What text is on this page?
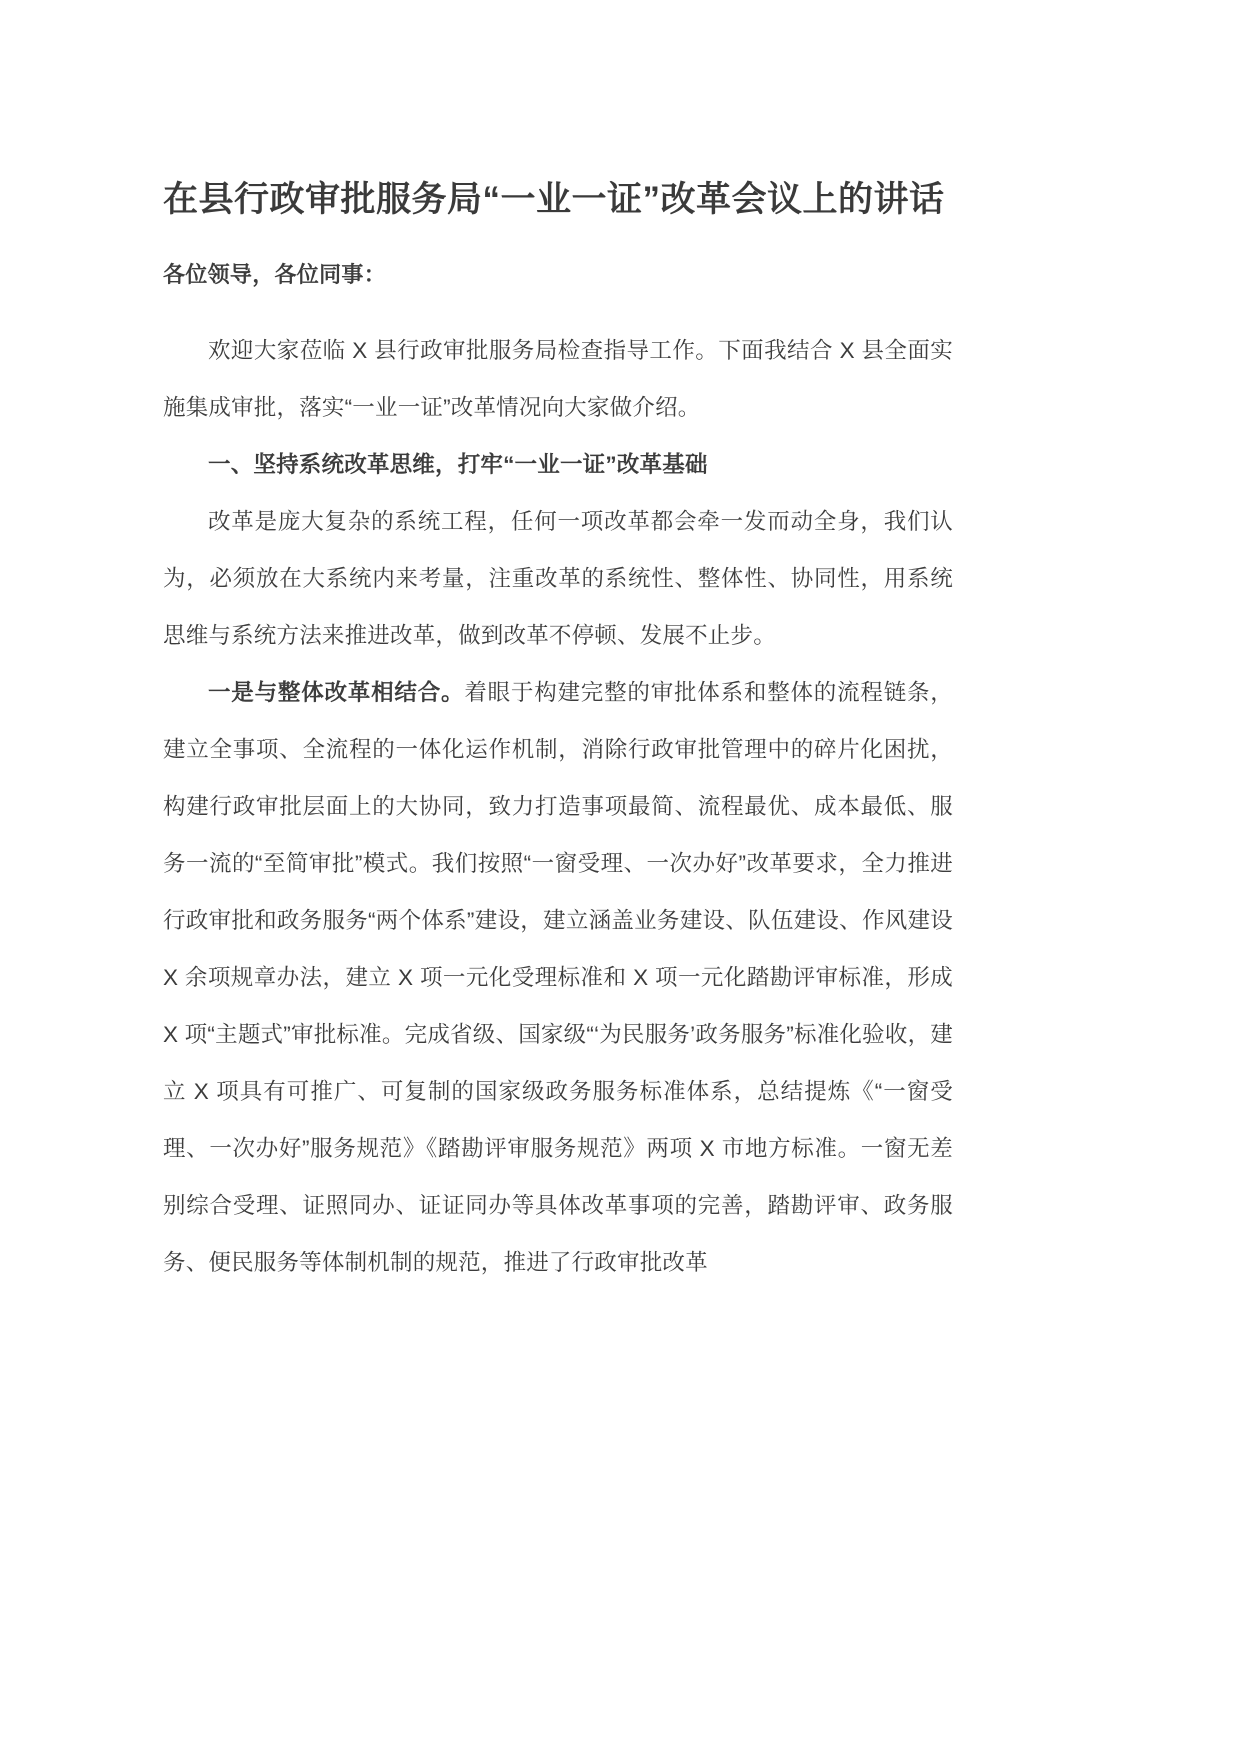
在县行政审批服务局“一业一证”改革会议上的讲话
各位领导，各位同事：

欢迎大家莅临 X 县行政审批服务局检查指导工作。下面我结合 X 县全面实施集成审批，落实“一业一证”改革情况向大家做介绍。

一、坚持系统改革思维，打牢“一业一证”改革基础

改革是庞大复杂的系统工程，任何一项改革都会牵一发而动全身，我们认为，必须放在大系统内来考量，注重改革的系统性、整体性、协同性，用系统思维与系统方法来推进改革，做到改革不停顿、发展不止步。

一是与整体改革相结合。着眼于构建完整的审批体系和整体的流程链条，建立全事项、全流程的一体化运作机制，消除行政审批管理中的碎片化困扰，构建行政审批层面上的大协同，致力打造事项最简、流程最优、成本最低、服务一流的“至简审批”模式。我们按照“一窗受理、一次办好”改革要求，全力推进行政审批和政务服务“两个体系”建设，建立涵盖业务建设、队伍建设、作风建设 X 余项规章办法，建立 X 项一元化受理标准和 X 项一元化踏勘评审标准，形成 X 项“主题式”审批标准。完成省级、国家级“‘为民服务’政务服务”标准化验收，建立 X 项具有可推广、可复制的国家级政务服务标准体系，总结提炼《“一窗受理、一次办好”服务规范》《踏勘评审服务规范》两项 X 市地方标准。一窗无差别综合受理、证照同办、证证同办等具体改革事项的完善，踏勘评审、政务服务、便民服务等体制机制的规范，推进了行政审批改革
